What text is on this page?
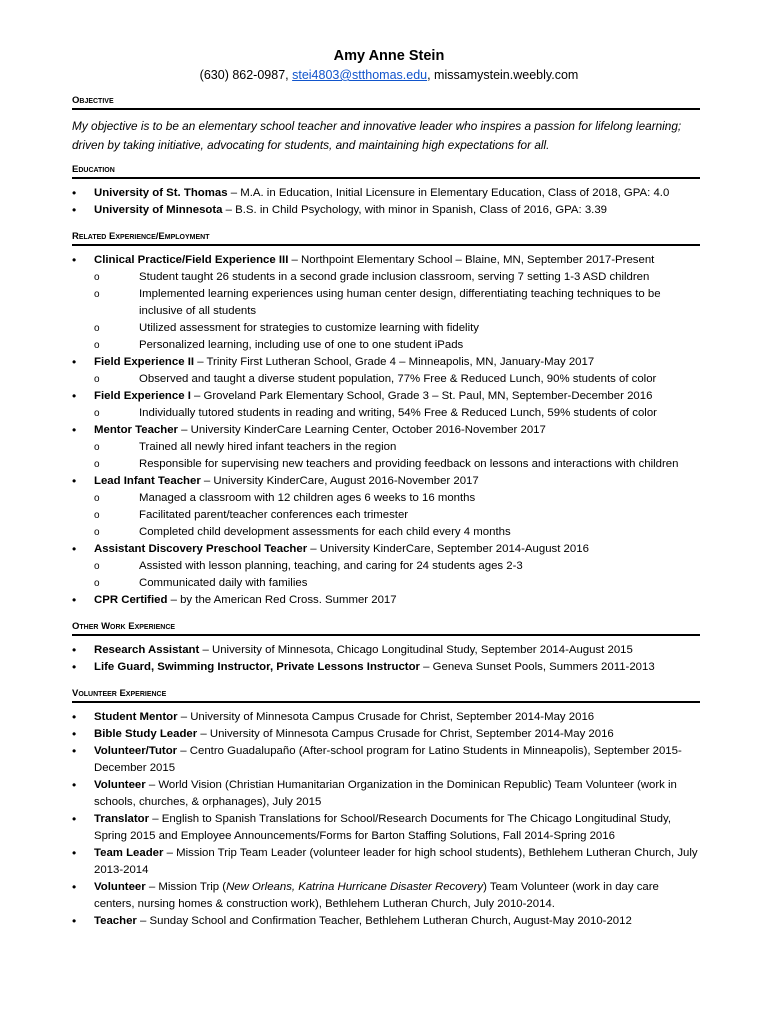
Amy Anne Stein
(630) 862-0987, stei4803@stthomas.edu, missamystein.weebly.com
Objective
My objective is to be an elementary school teacher and innovative leader who inspires a passion for lifelong learning; driven by taking initiative, advocating for students, and maintaining high expectations for all.
Education
• University of St. Thomas – M.A. in Education, Initial Licensure in Elementary Education, Class of 2018, GPA: 4.0
• University of Minnesota – B.S. in Child Psychology, with minor in Spanish, Class of 2016, GPA: 3.39
Related Experience/Employment
• Clinical Practice/Field Experience III – Northpoint Elementary School – Blaine, MN, September 2017-Present
o Student taught 26 students in a second grade inclusion classroom, serving 7 setting 1-3 ASD children
o Implemented learning experiences using human center design, differentiating teaching techniques to be inclusive of all students
o Utilized assessment for strategies to customize learning with fidelity
o Personalized learning, including use of one to one student iPads
• Field Experience II – Trinity First Lutheran School, Grade 4 – Minneapolis, MN, January-May 2017
o Observed and taught a diverse student population, 77% Free & Reduced Lunch, 90% students of color
• Field Experience I – Groveland Park Elementary School, Grade 3 – St. Paul, MN, September-December 2016
o Individually tutored students in reading and writing, 54% Free & Reduced Lunch, 59% students of color
• Mentor Teacher – University KinderCare Learning Center, October 2016-November 2017
o Trained all newly hired infant teachers in the region
o Responsible for supervising new teachers and providing feedback on lessons and interactions with children
• Lead Infant Teacher – University KinderCare, August 2016-November 2017
o Managed a classroom with 12 children ages 6 weeks to 16 months
o Facilitated parent/teacher conferences each trimester
o Completed child development assessments for each child every 4 months
• Assistant Discovery Preschool Teacher – University KinderCare, September 2014-August 2016
o Assisted with lesson planning, teaching, and caring for 24 students ages 2-3
o Communicated daily with families
• CPR Certified – by the American Red Cross. Summer 2017
Other Work Experience
• Research Assistant – University of Minnesota, Chicago Longitudinal Study, September 2014-August 2015
• Life Guard, Swimming Instructor, Private Lessons Instructor – Geneva Sunset Pools, Summers 2011-2013
Volunteer Experience
• Student Mentor – University of Minnesota Campus Crusade for Christ, September 2014-May 2016
• Bible Study Leader – University of Minnesota Campus Crusade for Christ, September 2014-May 2016
• Volunteer/Tutor – Centro Guadalupaño (After-school program for Latino Students in Minneapolis), September 2015-December 2015
• Volunteer – World Vision (Christian Humanitarian Organization in the Dominican Republic) Team Volunteer (work in schools, churches, & orphanages), July 2015
• Translator – English to Spanish Translations for School/Research Documents for The Chicago Longitudinal Study, Spring 2015 and Employee Announcements/Forms for Barton Staffing Solutions, Fall 2014-Spring 2016
• Team Leader – Mission Trip Team Leader (volunteer leader for high school students), Bethlehem Lutheran Church, July 2013-2014
• Volunteer – Mission Trip (New Orleans, Katrina Hurricane Disaster Recovery) Team Volunteer (work in day care centers, nursing homes & construction work), Bethlehem Lutheran Church, July 2010-2014.
• Teacher – Sunday School and Confirmation Teacher, Bethlehem Lutheran Church, August-May 2010-2012
